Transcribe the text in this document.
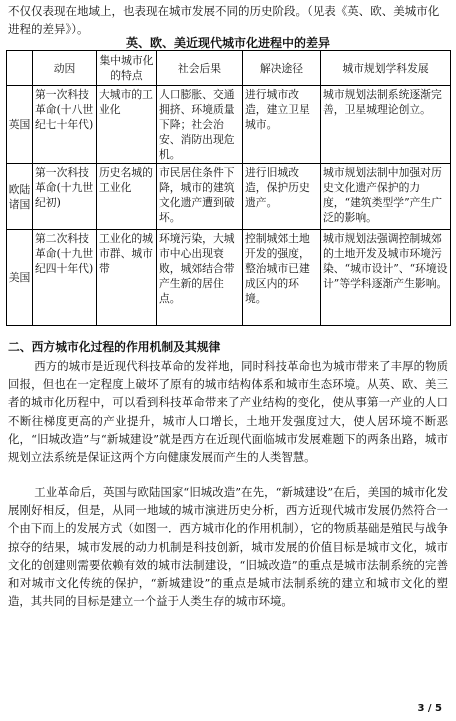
不仅仅表现在地域上，也表现在城市发展不同的历史阶段。（见表《英、欧、美城市化进程的差异》）。
英、欧、美近现代城市化进程中的差异
	动因	集中城市化的特点	社会后果	解决途径	城市规划学科发展
英国	第一次科技革命(十八世纪七十年代)	大城市的工业化	人口膨胀、交通拥挤、环境质量下降；社会治安、消防出现危机。	进行城市改造，建立卫星城市。	城市规划法制系统逐渐完善，卫星城理论创立。
欧陆诸国	第一次科技革命(十九世纪初)	历史名城的工业化	市民居住条件下降，城市的建筑文化遗产遭到破坏。	进行旧城改造，保护历史遗产。	城市规划法制中加强对历史文化遗产保护的力度，“建筑类型学”产生广泛的影响。
美国	第二次科技革命(十九世纪四十年代)	工业化的城市群、城市带	环境污染，大城市中心出现衰败，城郊结合带产生新的居住点。	控制城郊土地开发的强度，整治城市已建成区内的环境。	城市规划法强调控制城郊的土地开发及城市环境污染、“城市设计”、“环境设计”等学科逐渐产生影响。
二、西方城市化过程的作用机制及其规律

西方的城市是近现代科技革命的发祥地，同时科技革命也为城市带来了丰厚的物质回报，但也在一定程度上破坏了原有的城市结构体系和城市生态环境。从英、欧、美三者的城市化历程中，可以看到科技革命带来了产业结构的变化，使从事第一产业的人口不断往梯度更高的产业提升，城市人口增长，土地开发强度过大，使人居环境不断恶化，“旧城改造”与“新城建设”就是西方在近现代面临城市发展难题下的两条出路，城市规划立法系统是保证这两个方向健康发展而产生的人类智慧。

工业革命后，英国与欧陆国家“旧城改造”在先，“新城建设”在后，美国的城市化发展刚好相反，但是，从同一地域的城市演进历史分析，西方近现代城市发展仍然符合一个由下而上的发展方式（如图一．西方城市化的作用机制），它的物质基础是殖民与战争掠夺的结果，城市发展的动力机制是科技创新，城市发展的价值目标是城市文化，城市文化的创建则需要依赖有效的城市法制建设，“旧城改造”的重点是城市法制系统的完善和对城市文化传统的保护，“新城建设”的重点是城市法制系统的建立和城市文化的塑造，其共同的目标是建立一个益于人类生存的城市环境。

3 / 5
